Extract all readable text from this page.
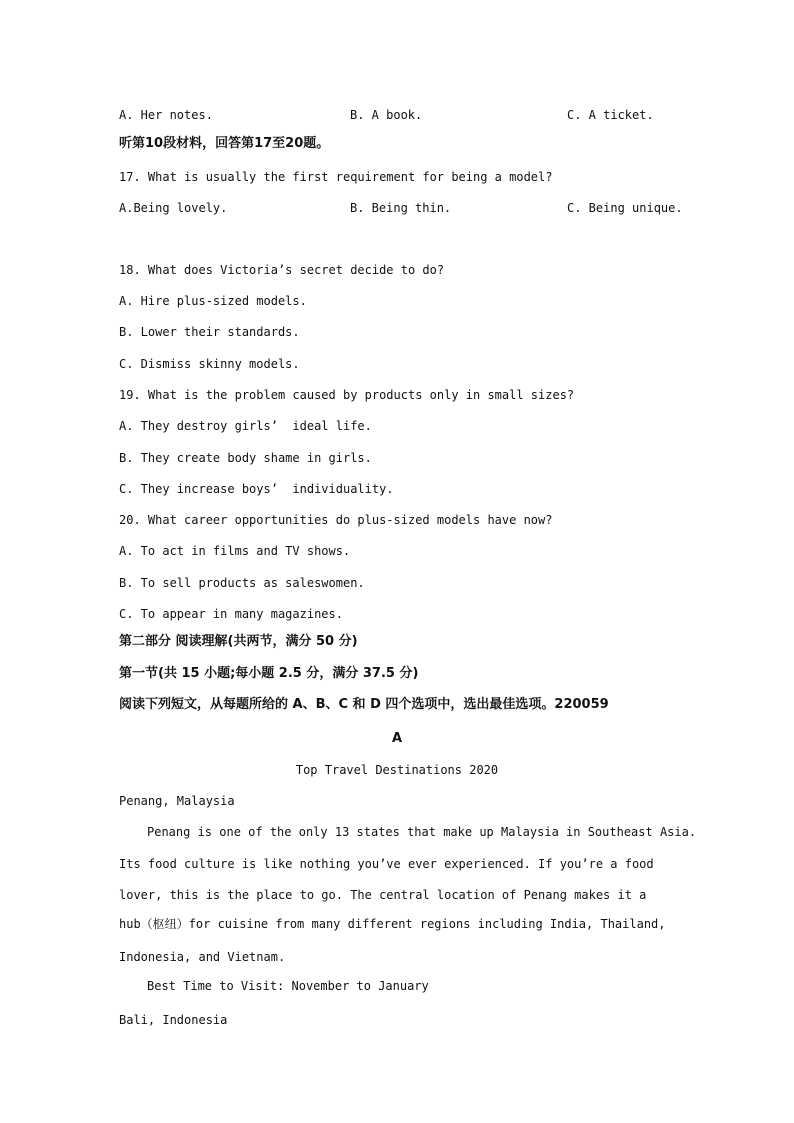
A. Her notes.	B. A book.	C. A ticket.
听第10段材料，回答第17至20题。
17. What is usually the first requirement for being a model?
A.Being lovely.	B. Being thin.	C. Being unique.
18. What does Victoria’s secret decide to do?
A. Hire plus-sized models.
B. Lower their standards.
C. Dismiss skinny models.
19. What is the problem caused by products only in small sizes?
A. They destroy girls’  ideal life.
B. They create body shame in girls.
C. They increase boys’  individuality.
20. What career opportunities do plus-sized models have now?
A. To act in films and TV shows.
B. To sell products as saleswomen.
C. To appear in many magazines.
第二部分 阅读理解(共两节，满分 50 分)
第一节(共 15 小题;每小题 2.5 分，满分 37.5 分)
阅读下列短文，从每题所给的 A、B、C 和 D 四个选项中，选出最佳选项。220059
A
Top Travel Destinations 2020
Penang, Malaysia
Penang is one of the only 13 states that make up Malaysia in Southeast Asia.
Its food culture is like nothing you’ve ever experienced. If you’re a food
lover, this is the place to go. The central location of Penang makes it a
hub（枢纽）for cuisine from many different regions including India, Thailand,
Indonesia, and Vietnam.
Best Time to Visit: November to January
Bali, Indonesia
